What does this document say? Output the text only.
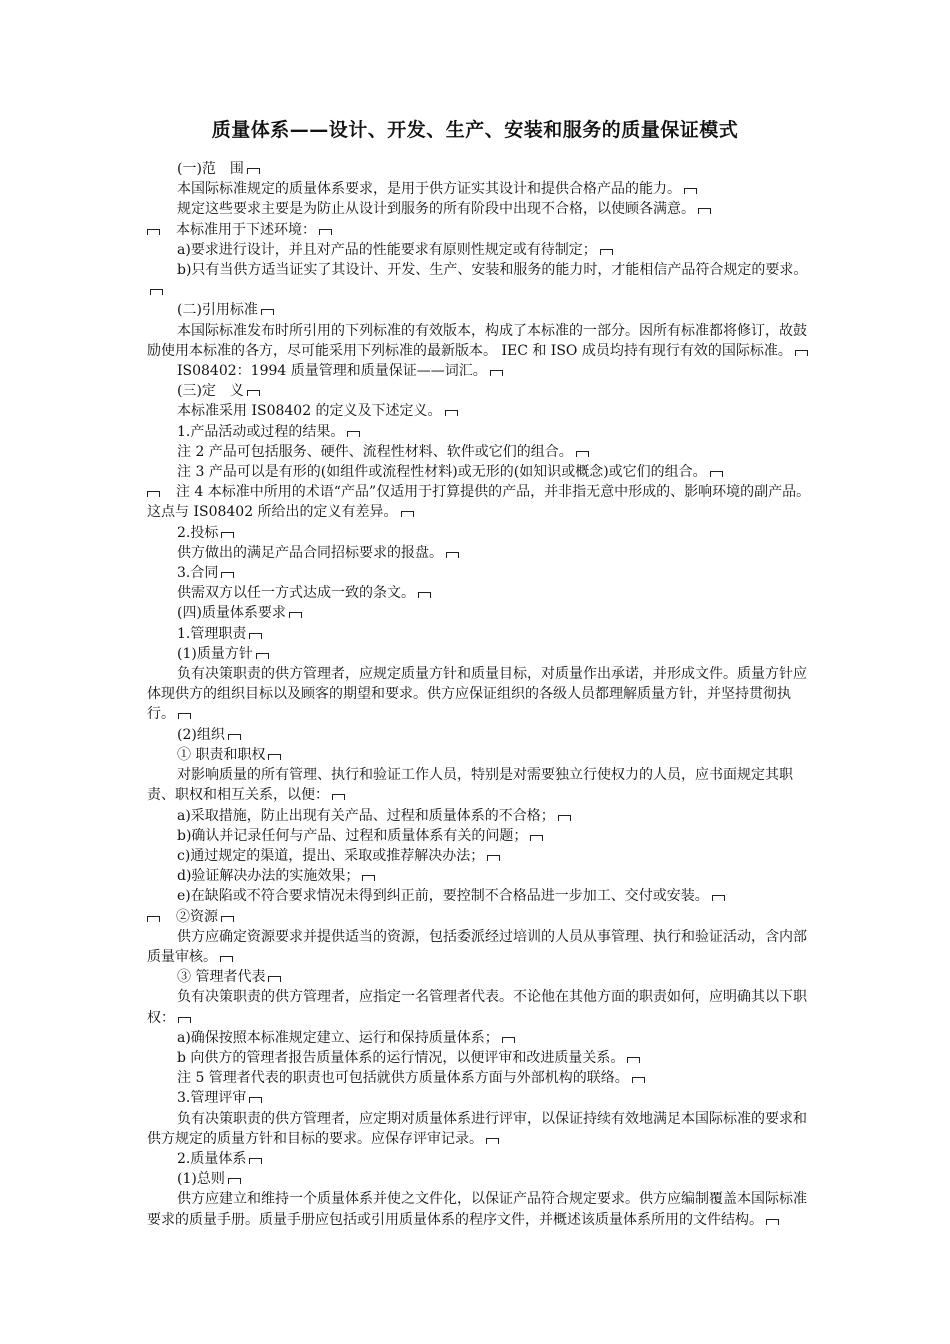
质量体系——设计、开发、生产、安装和服务的质量保证模式

(一)范　围

本国际标准规定的质量体系要求，是用于供方证实其设计和提供合格产品的能力。

规定这些要求主要是为防止从设计到服务的所有阶段中出现不合格，以使顾各满意。

本标准用于下述环境：

a)要求进行设计，并且对产品的性能要求有原则性规定或有待制定；

b)只有当供方适当证实了其设计、开发、生产、安装和服务的能力时，才能相信产品符合规定的要求。

(二)引用标准

本国际标准发布时所引用的下列标准的有效版本，构成了本标准的一部分。因所有标准都将修订，故鼓励使用本标准的各方，尽可能采用下列标准的最新版本。 IEC 和 ISO 成员均持有现行有效的国际标准。

IS08402：1994 质量管理和质量保证——词汇。

(三)定　义

本标准采用 IS08402 的定义及下述定义。

1.产品活动或过程的结果。

注 2 产品可包括服务、硬件、流程性材料、软件或它们的组合。

注 3 产品可以是有形的(如组件或流程性材料)或无形的(如知识或概念)或它们的组合。

注 4 本标准中所用的术语“产品”仅适用于打算提供的产品，并非指无意中形成的、影响环境的副产品。这点与 IS08402 所给出的定义有差异。

2.投标

供方做出的满足产品合同招标要求的报盘。

3.合同

供需双方以任一方式达成一致的条文。

(四)质量体系要求

1.管理职责

(1)质量方针

负有决策职责的供方管理者，应规定质量方针和质量目标，对质量作出承诺，并形成文件。质量方针应体现供方的组织目标以及顾客的期望和要求。供方应保证组织的各级人员都理解质量方针，并坚持贯彻执行。

(2)组织

① 职责和职权

对影响质量的所有管理、执行和验证工作人员，特别是对需要独立行使权力的人员，应书面规定其职责、职权和相互关系，以便：

a)采取措施，防止出现有关产品、过程和质量体系的不合格；

b)确认并记录任何与产品、过程和质量体系有关的问题；

c)通过规定的渠道，提出、采取或推荐解决办法；

d)验证解决办法的实施效果；

e)在缺陷或不符合要求情况未得到纠正前，要控制不合格品进一步加工、交付或安装。

②资源

供方应确定资源要求并提供适当的资源，包括委派经过培训的人员从事管理、执行和验证活动，含内部质量审核。

③ 管理者代表

负有决策职责的供方管理者，应指定一名管理者代表。不论他在其他方面的职责如何，应明确其以下职权：

a)确保按照本标准规定建立、运行和保持质量体系；

b 向供方的管理者报告质量体系的运行情况，以便评审和改进质量关系。

注 5 管理者代表的职责也可包括就供方质量体系方面与外部机构的联络。

3.管理评审

负有决策职责的供方管理者，应定期对质量体系进行评审，以保证持续有效地满足本国际标准的要求和供方规定的质量方针和目标的要求。应保存评审记录。

2.质量体系

(1)总则

供方应建立和维持一个质量体系并使之文件化，以保证产品符合规定要求。供方应编制覆盖本国际标准要求的质量手册。质量手册应包括或引用质量体系的程序文件，并概述该质量体系所用的文件结构。
